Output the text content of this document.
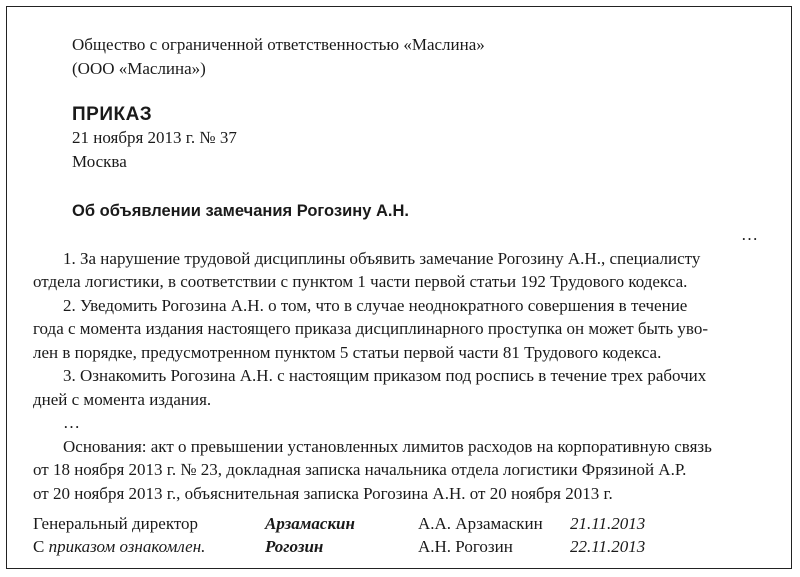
Общество с ограниченной ответственностью «Маслина»
(ООО «Маслина»)
ПРИКАЗ
21 ноября 2013 г. № 37
Москва
Об объявлении замечания Рогозину А.Н.
…
1. За нарушение трудовой дисциплины объявить замечание Рогозину А.Н., специалисту
отдела логистики, в соответствии с пунктом 1 части первой статьи 192 Трудового кодекса.
2. Уведомить Рогозина А.Н. о том, что в случае неоднократного совершения в течение
года с момента издания настоящего приказа дисциплинарного проступка он может быть уво-
лен в порядке, предусмотренном пунктом 5 статьи первой части 81 Трудового кодекса.
3. Ознакомить Рогозина А.Н. с настоящим приказом под роспись в течение трех рабочих
дней с момента издания.
…
Основания: акт о превышении установленных лимитов расходов на корпоративную связь
от 18 ноября 2013 г. № 23, докладная записка начальника отдела логистики Фрязиной А.Р.
от 20 ноября 2013 г., объяснительная записка Рогозина А.Н. от 20 ноября 2013 г.
Генеральный директор
С приказом ознакомлен.
Арзамаскин
Рогозин
А.А. Арзамаскин
А.Н. Рогозин
21.11.2013
22.11.2013
